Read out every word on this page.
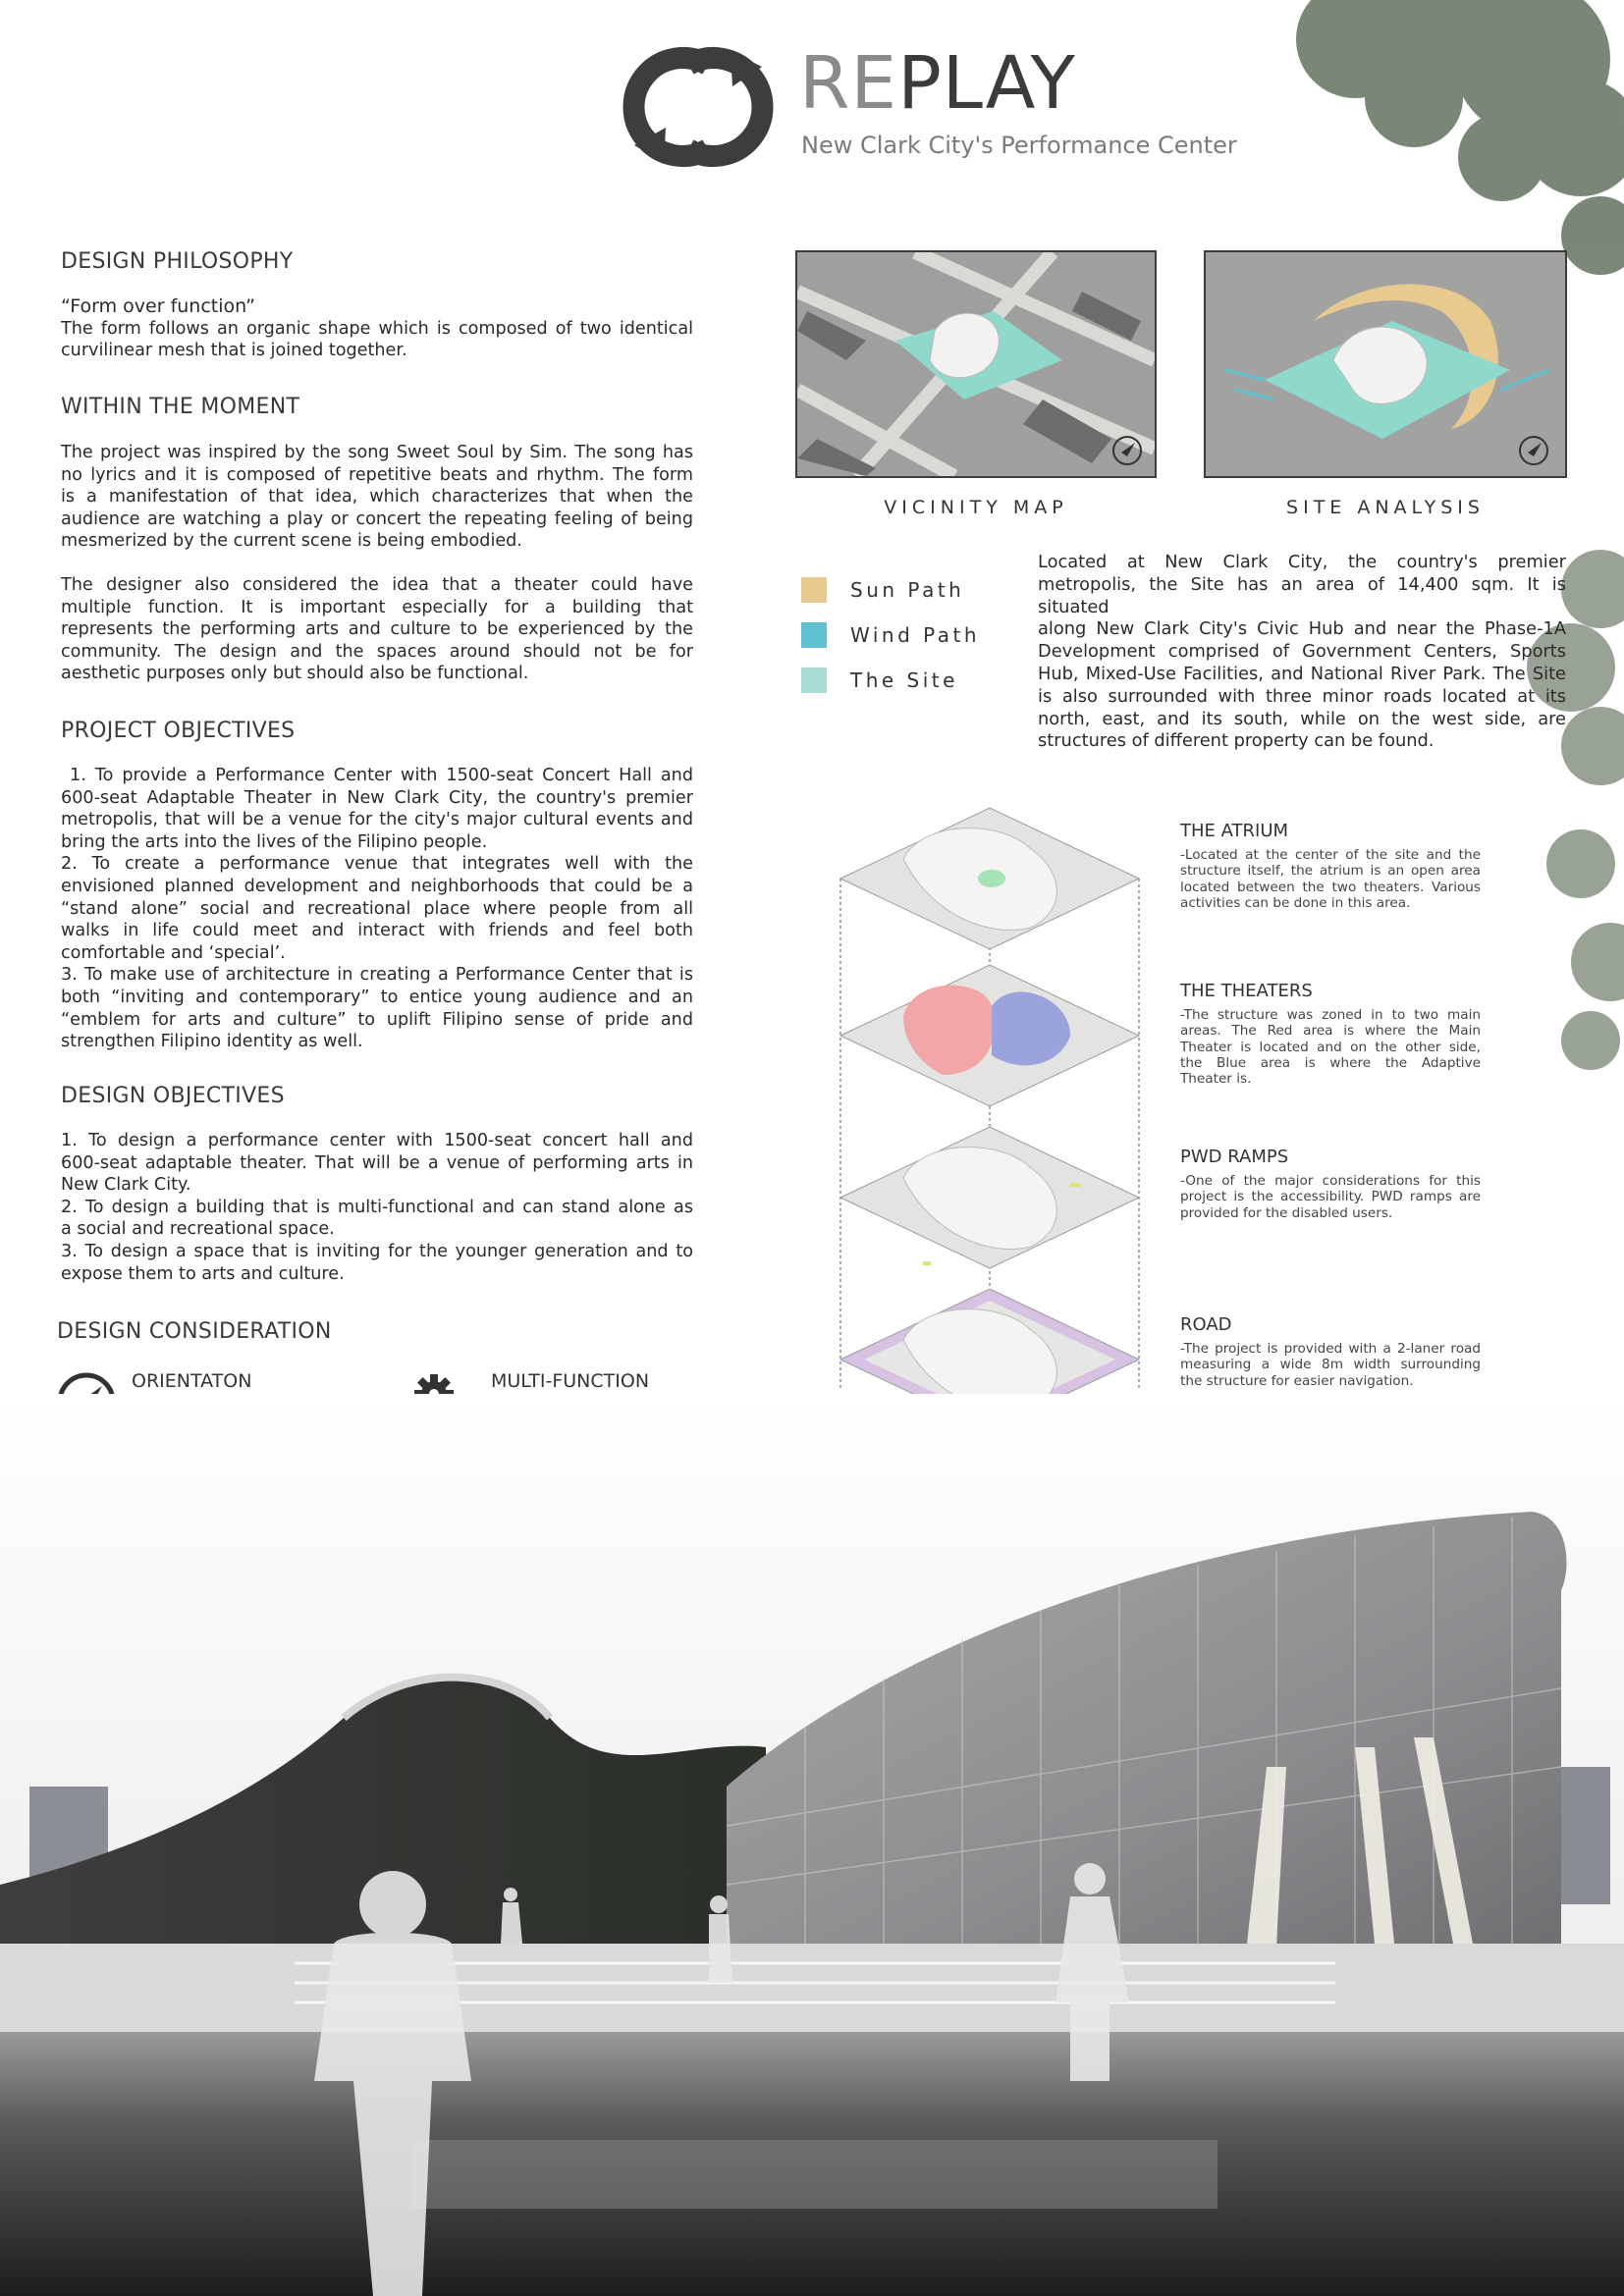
REPLAY
New Clark City's Performance Center
DESIGN PHILOSOPHY
“Form over function”
The form follows an organic shape which is composed of two identical
curvilinear mesh that is joined together.
WITHIN THE MOMENT
The project was inspired by the song Sweet Soul by Sim. The song has
no lyrics and it is composed of repetitive beats and rhythm. The form
is a manifestation of that idea, which characterizes that when the
audience are watching a play or concert the repeating feeling of being
mesmerized by the current scene is being embodied.
The designer also considered the idea that a theater could have
multiple function. It is important especially for a building that
represents the performing arts and culture to be experienced by the
community. The design and the spaces around should not be for
aesthetic purposes only but should also be functional.
PROJECT OBJECTIVES
1. To provide a Performance Center with 1500-seat Concert Hall and
600-seat Adaptable Theater in New Clark City, the country's premier
metropolis, that will be a venue for the city's major cultural events and
bring the arts into the lives of the Filipino people.
2. To create a performance venue that integrates well with the
envisioned planned development and neighborhoods that could be a
“stand alone” social and recreational place where people from all
walks in life could meet and interact with friends and feel both
comfortable and ‘special’.
3. To make use of architecture in creating a Performance Center that is
both “inviting and contemporary” to entice young audience and an
“emblem for arts and culture” to uplift Filipino sense of pride and
strengthen Filipino identity as well.
DESIGN OBJECTIVES
1. To design a performance center with 1500-seat concert hall and
600-seat adaptable theater. That will be a venue of performing arts in
New Clark City.
2. To design a building that is multi-functional and can stand alone as
a social and recreational space.
3. To design a space that is inviting for the younger generation and to
expose them to arts and culture.
DESIGN CONSIDERATION
ORIENTATON	MULTI-FUNCTION
VICINITY MAP	SITE ANALYSIS
Sun Path
Wind Path
The Site
Located at New Clark City, the country's premier
metropolis, the Site has an area of 14,400 sqm. It is situated
along New Clark City's Civic Hub and near the Phase-1A
Development comprised of Government Centers, Sports
Hub, Mixed-Use Facilities, and National River Park. The Site
is also surrounded with three minor roads located at its
north, east, and its south, while on the west side, are
structures of different property can be found.
THE ATRIUM
-Located at the center of the site and the
structure itself, the atrium is an open area
located between the two theaters. Various
activities can be done in this area.
THE THEATERS
-The structure was zoned in to two main
areas. The Red area is where the Main
Theater is located and on the other side,
the Blue area is where the Adaptive
Theater is.
PWD RAMPS
-One of the major considerations for this
project is the accessibility. PWD ramps are
provided for the disabled users.
ROAD
-The project is provided with a 2-laner road
measuring a wide 8m width surrounding
the structure for easier navigation.
